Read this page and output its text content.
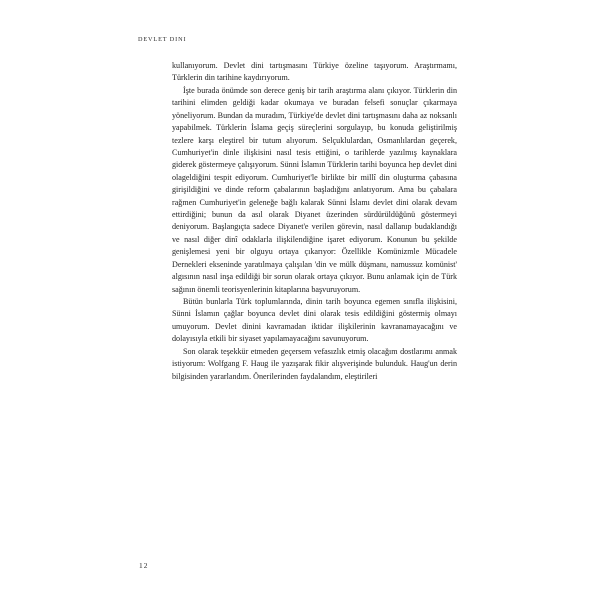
DEVLET DINI

kullanıyorum. Devlet dini tartışmasını Türkiye özeline taşıyorum. Araştırmamı, Türklerin din tarihine kaydırıyorum.

İşte burada önümde son derece geniş bir tarih araştırma alanı çıkıyor. Türklerin din tarihini elimden geldiği kadar okumaya ve buradan felsefi sonuçlar çıkarmaya yöneliyorum. Bundan da muradım, Türkiye'de devlet dini tartışmasını daha az noksanlı yapabilmek. Türklerin İslama geçiş süreçlerini sorgulayıp, bu konuda geliştirilmiş tezlere karşı eleştirel bir tutum alıyorum. Selçuklulardan, Osmanlılardan geçerek, Cumhuriyet'in dinle ilişkisini nasıl tesis ettiğini, o tarihlerde yazılmış kaynaklara giderek göstermeye çalışıyorum. Sünni İslamın Türklerin tarihi boyunca hep devlet dini olageldiğini tespit ediyorum. Cumhuriyet'le birlikte bir millî din oluşturma çabasına girişildiğini ve dinde reform çabalarının başladığını anlatıyorum. Ama bu çabalara rağmen Cumhuriyet'in geleneğe bağlı kalarak Sünni İslamı devlet dini olarak devam ettirdiğini; bunun da asıl olarak Diyanet üzerinden sürdürüldüğünü göstermeyi deniyorum. Başlangıçta sadece Diyanet'e verilen görevin, nasıl dallanıp budaklandığı ve nasıl diğer dinî odaklarla ilişkilendiğine işaret ediyorum. Konunun bu şekilde genişlemesi yeni bir olguyu ortaya çıkarıyor: Özellikle Komünizmle Mücadele Dernekleri ekseninde yaratılmaya çalışılan 'din ve mülk düşmanı, namussuz komünist' algısının nasıl inşa edildiği bir sorun olarak ortaya çıkıyor. Bunu anlamak için de Türk sağının önemli teorisyenlerinin kitaplarına başvuruyorum.

Bütün bunlarla Türk toplumlarında, dinin tarih boyunca egemen sınıfla ilişkisini, Sünni İslamın çağlar boyunca devlet dini olarak tesis edildiğini göstermiş olmayı umuyorum. Devlet dinini kavramadan iktidar ilişkilerinin kavranamayacağını ve dolayısıyla etkili bir siyaset yapılamayacağını savunuyorum.

Son olarak teşekkür etmeden geçersem vefasızlık etmiş olacağım dostlarımı anmak istiyorum: Wolfgang F. Haug ile yazışarak fikir alışverişinde bulunduk. Haug'un derin bilgisinden yararlandım. Önerilerinden faydalandım, eleştirileri

12
